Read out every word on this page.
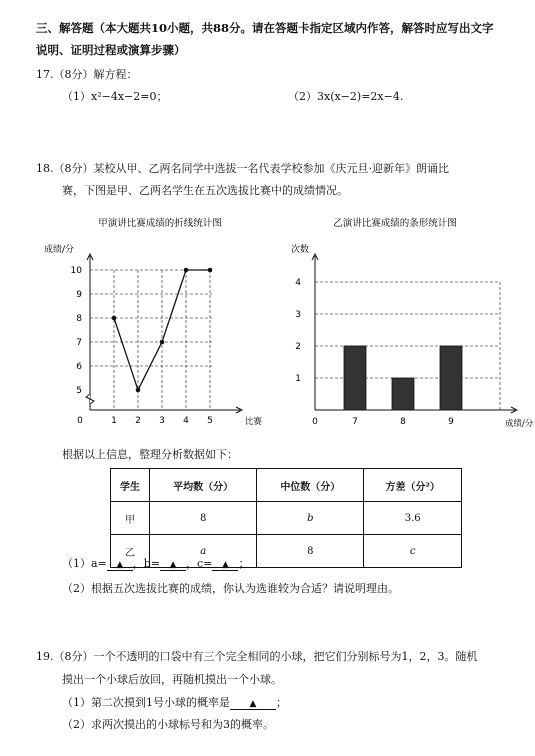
三、解答题（本大题共10小题，共88分。请在答题卡指定区域内作答，解答时应写出文字
说明、证明过程或演算步骤）
17.（8分）解方程：
（1）x²−4x−2=0；	（2）3x(x−2)=2x−4.
18.（8分）某校从甲、乙两名同学中选拔一名代表学校参加《庆元旦·迎新年》朗诵比
赛，下图是甲、乙两名学生在五次选拔比赛中的成绩情况。
甲演讲比赛成绩的折线统计图
成绩/分
比赛
5
6
7
8
9
10
0	1 2 3 4 5
乙演讲比赛成绩的条形统计图
次数
成绩/分
1
2
3
4
0	7	8	9
根据以上信息，整理分析数据如下：
学生	平均数（分）	中位数（分）	方差（分²）
甲	8	b	3.6
乙	a	8	c
（1）a= ▲ ，b= ▲ ，c= ▲ ；
（2）根据五次选拔比赛的成绩，你认为选谁较为合适？请说明理由。
19.（8分）一个不透明的口袋中有三个完全相同的小球，把它们分别标号为1，2，3。随机
摸出一个小球后放回，再随机摸出一个小球。
（1）第二次摸到1号小球的概率是 ▲ ；
（2）求两次摸出的小球标号和为3的概率。
